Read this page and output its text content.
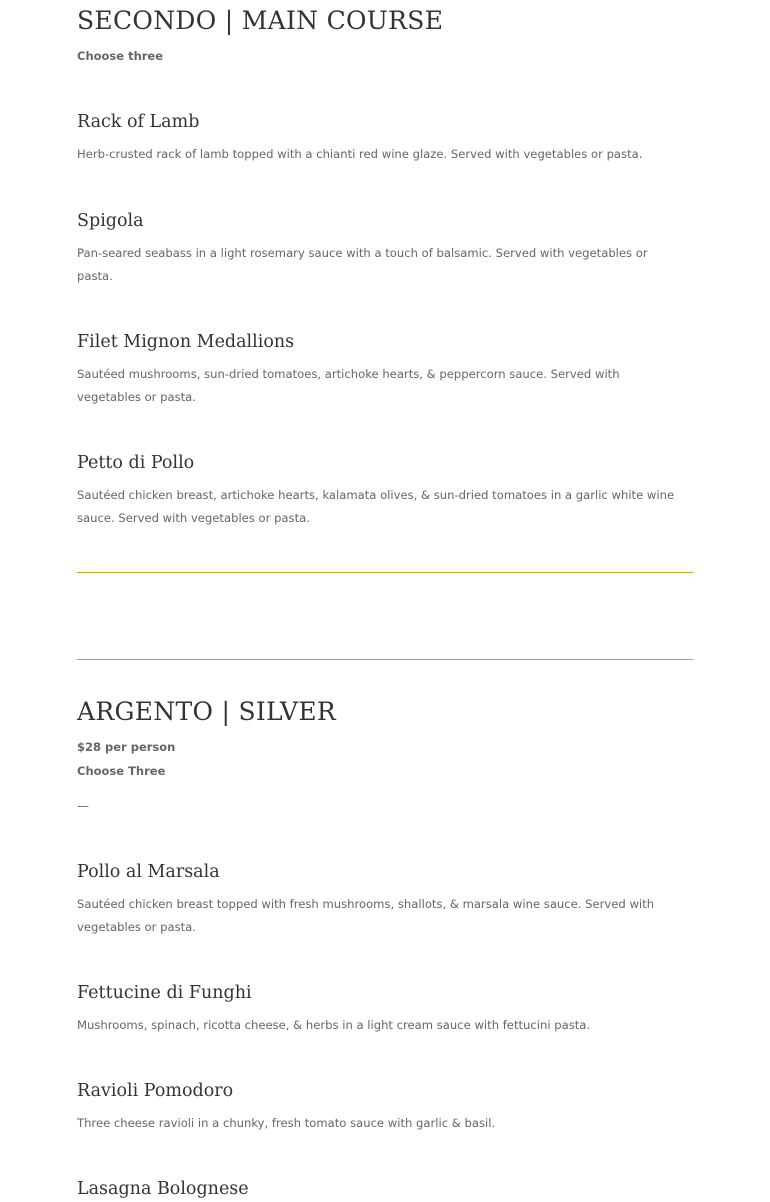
SECONDO | MAIN COURSE

Choose three

Rack of Lamb

Herb-crusted rack of lamb topped with a chianti red wine glaze. Served with vegetables or pasta.

Spigola

Pan-seared seabass in a light rosemary sauce with a touch of balsamic. Served with vegetables or pasta.

Filet Mignon Medallions

Sautéed mushrooms, sun-dried tomatoes, artichoke hearts, & peppercorn sauce. Served with vegetables or pasta.

Petto di Pollo

Sautéed chicken breast, artichoke hearts, kalamata olives, & sun-dried tomatoes in a garlic white wine sauce. Served with vegetables or pasta.

ARGENTO | SILVER

$28 per person

Choose Three

—
Pollo al Marsala

Sautéed chicken breast topped with fresh mushrooms, shallots, & marsala wine sauce. Served with vegetables or pasta.

Fettucine di Funghi

Mushrooms, spinach, ricotta cheese, & herbs in a light cream sauce with fettucini pasta.

Ravioli Pomodoro

Three cheese ravioli in a chunky, fresh tomato sauce with garlic & basil.

Lasagna Bolognese
